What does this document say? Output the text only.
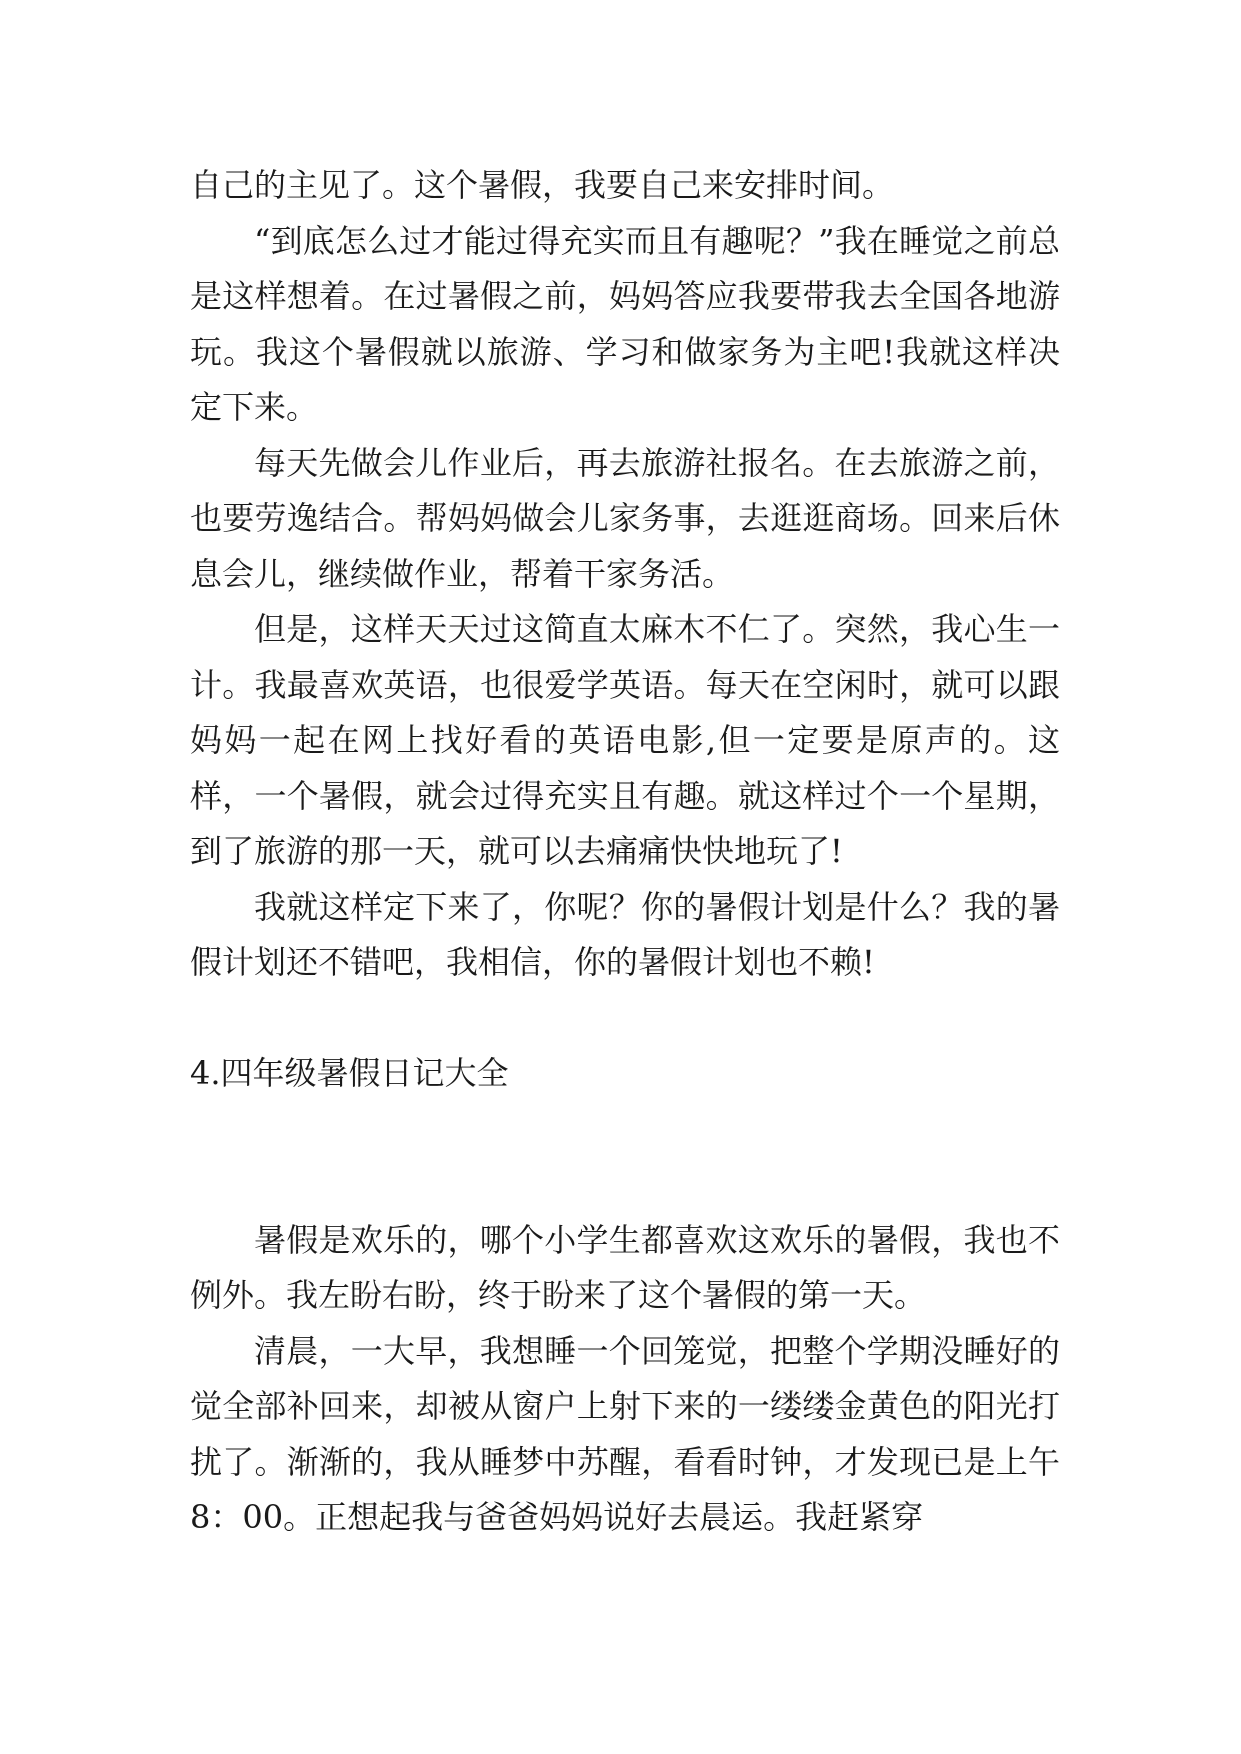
自己的主见了。这个暑假，我要自己来安排时间。

“到底怎么过才能过得充实而且有趣呢？”我在睡觉之前总是这样想着。在过暑假之前，妈妈答应我要带我去全国各地游玩。我这个暑假就以旅游、学习和做家务为主吧!我就这样决定下来。

每天先做会儿作业后，再去旅游社报名。在去旅游之前，也要劳逸结合。帮妈妈做会儿家务事，去逛逛商场。回来后休息会儿，继续做作业，帮着干家务活。

但是，这样天天过这简直太麻木不仁了。突然，我心生一计。我最喜欢英语，也很爱学英语。每天在空闲时，就可以跟妈妈一起在网上找好看的英语电影,但一定要是原声的。这样，一个暑假，就会过得充实且有趣。就这样过个一个星期，到了旅游的那一天，就可以去痛痛快快地玩了!

我就这样定下来了，你呢？你的暑假计划是什么？我的暑假计划还不错吧，我相信，你的暑假计划也不赖!

4.四年级暑假日记大全

暑假是欢乐的，哪个小学生都喜欢这欢乐的暑假，我也不例外。我左盼右盼，终于盼来了这个暑假的第一天。

清晨，一大早，我想睡一个回笼觉，把整个学期没睡好的觉全部补回来，却被从窗户上射下来的一缕缕金黄色的阳光打扰了。渐渐的，我从睡梦中苏醒，看看时钟，才发现已是上午 8：00。正想起我与爸爸妈妈说好去晨运。我赶紧穿
